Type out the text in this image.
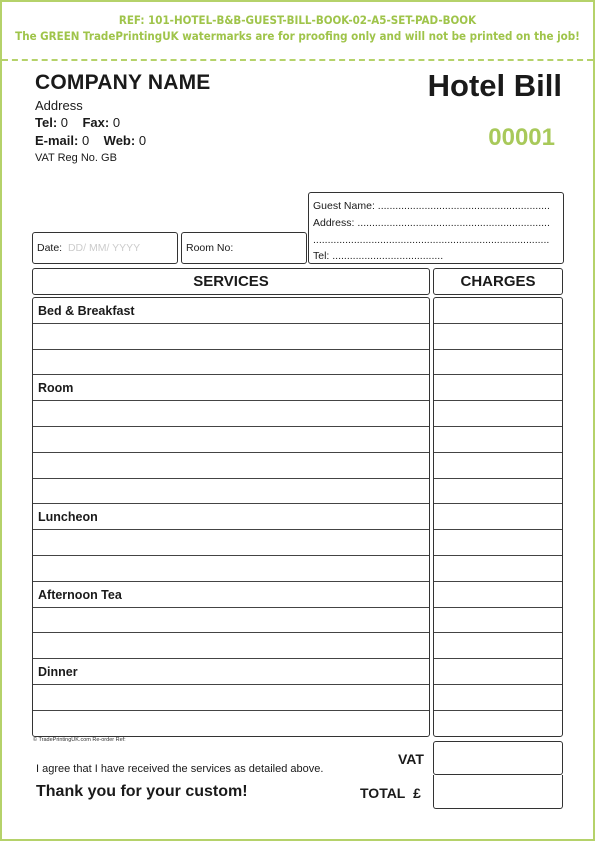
REF: 101-HOTEL-B&B-GUEST-BILL-BOOK-02-A5-SET-PAD-BOOK
The GREEN TradePrintingUK watermarks are for proofing only and will not be printed on the job!
COMPANY NAME
Address
Tel: 0 Fax: 0
E-mail: 0 Web: 0
VAT Reg No. GB
Hotel Bill
00001
Guest Name: ...........................................................
Address: ..................................................................
.................................................................................
Tel: ......................................
Date: DD/ MM/ YYYY	Room No:
SERVICES	CHARGES
Bed & Breakfast
Room
Luncheon
Afternoon Tea
Dinner
© TradePrintingUK.com Re-order Ref:
I agree that I have received the services as detailed above.
Thank you for your custom!
VAT
TOTAL £
